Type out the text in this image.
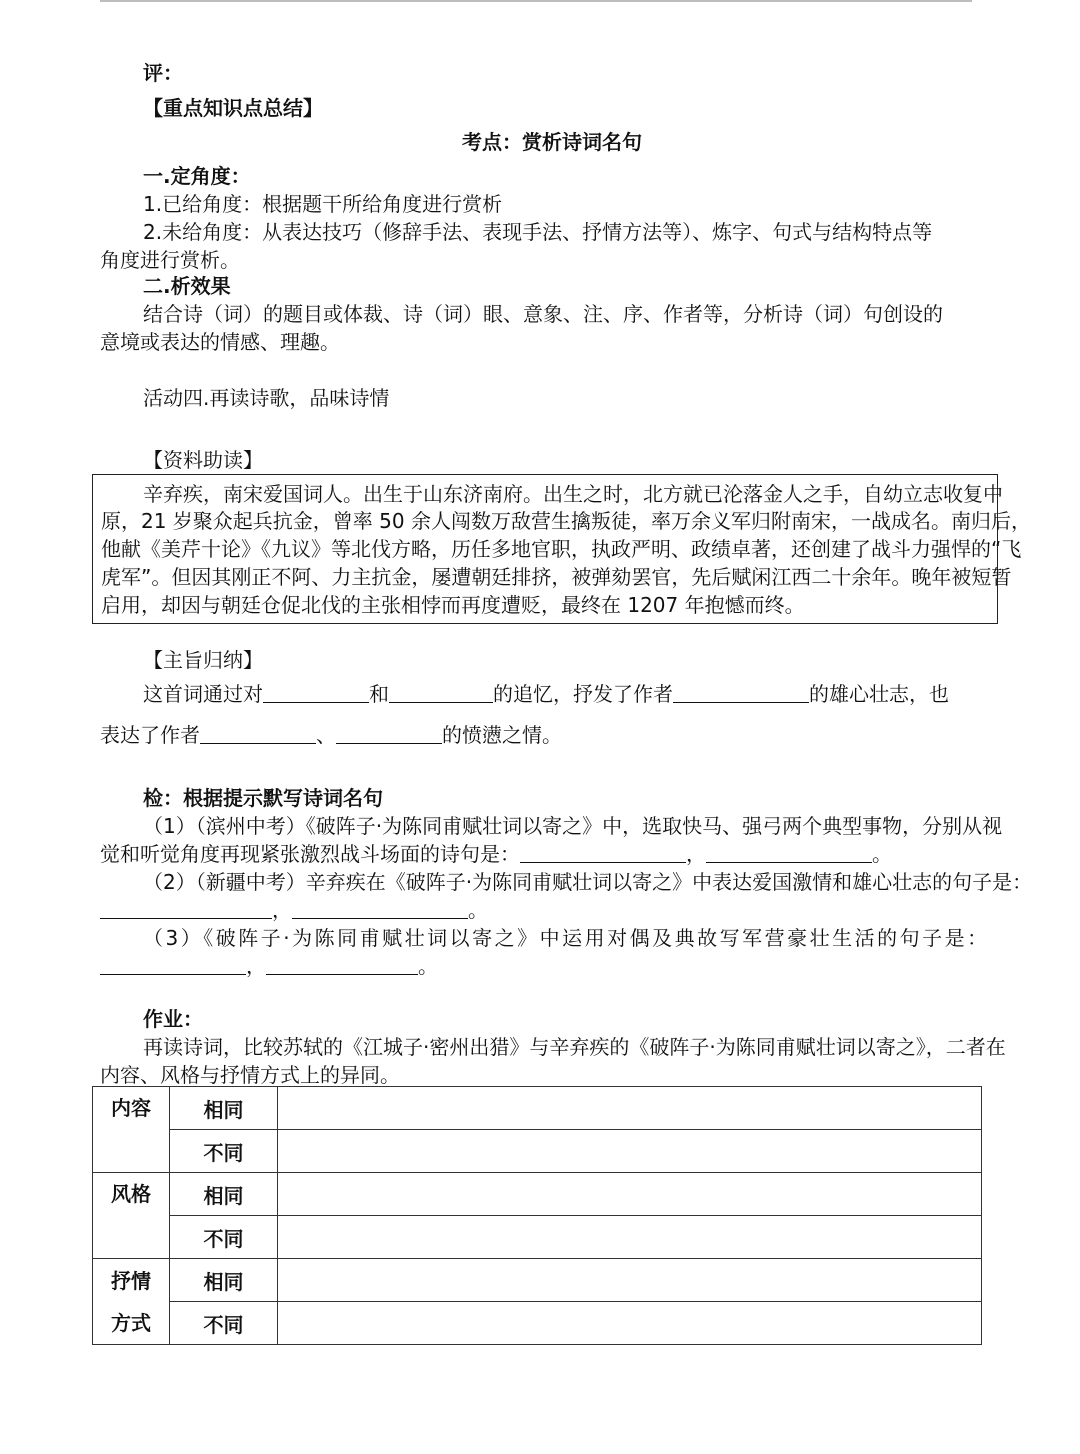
评：
【重点知识点总结】
考点：赏析诗词名句
一.定角度：
1.已给角度：根据题干所给角度进行赏析
2.未给角度：从表达技巧（修辞手法、表现手法、抒情方法等）、炼字、句式与结构特点等
角度进行赏析。
二.析效果
结合诗（词）的题目或体裁、诗（词）眼、意象、注、序、作者等，分析诗（词）句创设的
意境或表达的情感、理趣。
活动四.再读诗歌，品味诗情
【资料助读】
辛弃疾，南宋爱国词人。出生于山东济南府。出生之时，北方就已沦落金人之手，自幼立志收复中
原，21 岁聚众起兵抗金，曾率 50 余人闯数万敌营生擒叛徒，率万余义军归附南宋，一战成名。南归后，
他献《美芹十论》《九议》等北伐方略，历任多地官职，执政严明、政绩卓著，还创建了战斗力强悍的“飞
虎军”。但因其刚正不阿、力主抗金，屡遭朝廷排挤，被弹劾罢官，先后赋闲江西二十余年。晚年被短暂
启用，却因与朝廷仓促北伐的主张相悖而再度遭贬，最终在 1207 年抱憾而终。
【主旨归纳】
这首词通过对	和	的追忆，抒发了作者	的雄心壮志，也
表达了作者	、	的愤懑之情。
检：根据提示默写诗词名句
（1）（滨州中考）《破阵子·为陈同甫赋壮词以寄之》中，选取快马、强弓两个典型事物，分别从视
觉和听觉角度再现紧张激烈战斗场面的诗句是：	，	。
（2）（新疆中考）辛弃疾在《破阵子·为陈同甫赋壮词以寄之》中表达爱国激情和雄心壮志的句子是：
，	。
（3）《破阵子·为陈同甫赋壮词以寄之》中运用对偶及典故写军营豪壮生活的句子是：
，	。
作业：
再读诗词，比较苏轼的《江城子·密州出猎》与辛弃疾的《破阵子·为陈同甫赋壮词以寄之》，二者在
内容、风格与抒情方式上的异同。
内容	相同	
	不同	

风格	相同	
	不同	

抒情
方式	相同	
	不同	
